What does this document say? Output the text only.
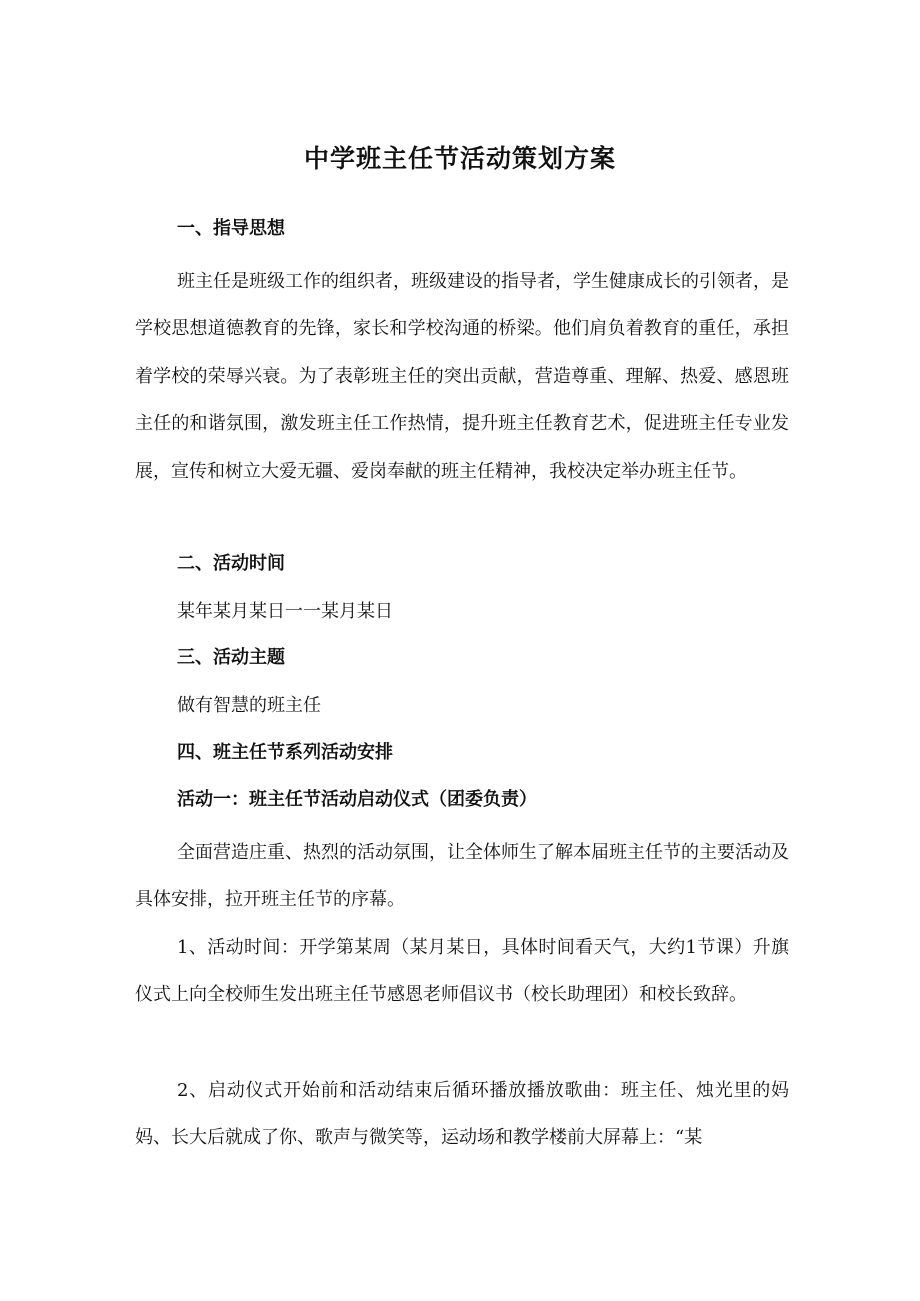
中学班主任节活动策划方案
一、指导思想

班主任是班级工作的组织者，班级建设的指导者，学生健康成长的引领者，是学校思想道德教育的先锋，家长和学校沟通的桥梁。他们肩负着教育的重任，承担着学校的荣辱兴衰。为了表彰班主任的突出贡献，营造尊重、理解、热爱、感恩班主任的和谐氛围，激发班主任工作热情，提升班主任教育艺术，促进班主任专业发展，宣传和树立大爱无疆、爱岗奉献的班主任精神，我校决定举办班主任节。

二、活动时间

某年某月某日一一某月某日

三、活动主题

做有智慧的班主任

四、班主任节系列活动安排
活动一：班主任节活动启动仪式（团委负责）

全面营造庄重、热烈的活动氛围，让全体师生了解本届班主任节的主要活动及具体安排，拉开班主任节的序幕。

1、活动时间：开学第某周（某月某日，具体时间看天气，大约1节课）升旗仪式上向全校师生发出班主任节感恩老师倡议书（校长助理团）和校长致辞。

2、启动仪式开始前和活动结束后循环播放播放歌曲：班主任、烛光里的妈妈、长大后就成了你、歌声与微笑等，运动场和教学楼前大屏幕上：“某
